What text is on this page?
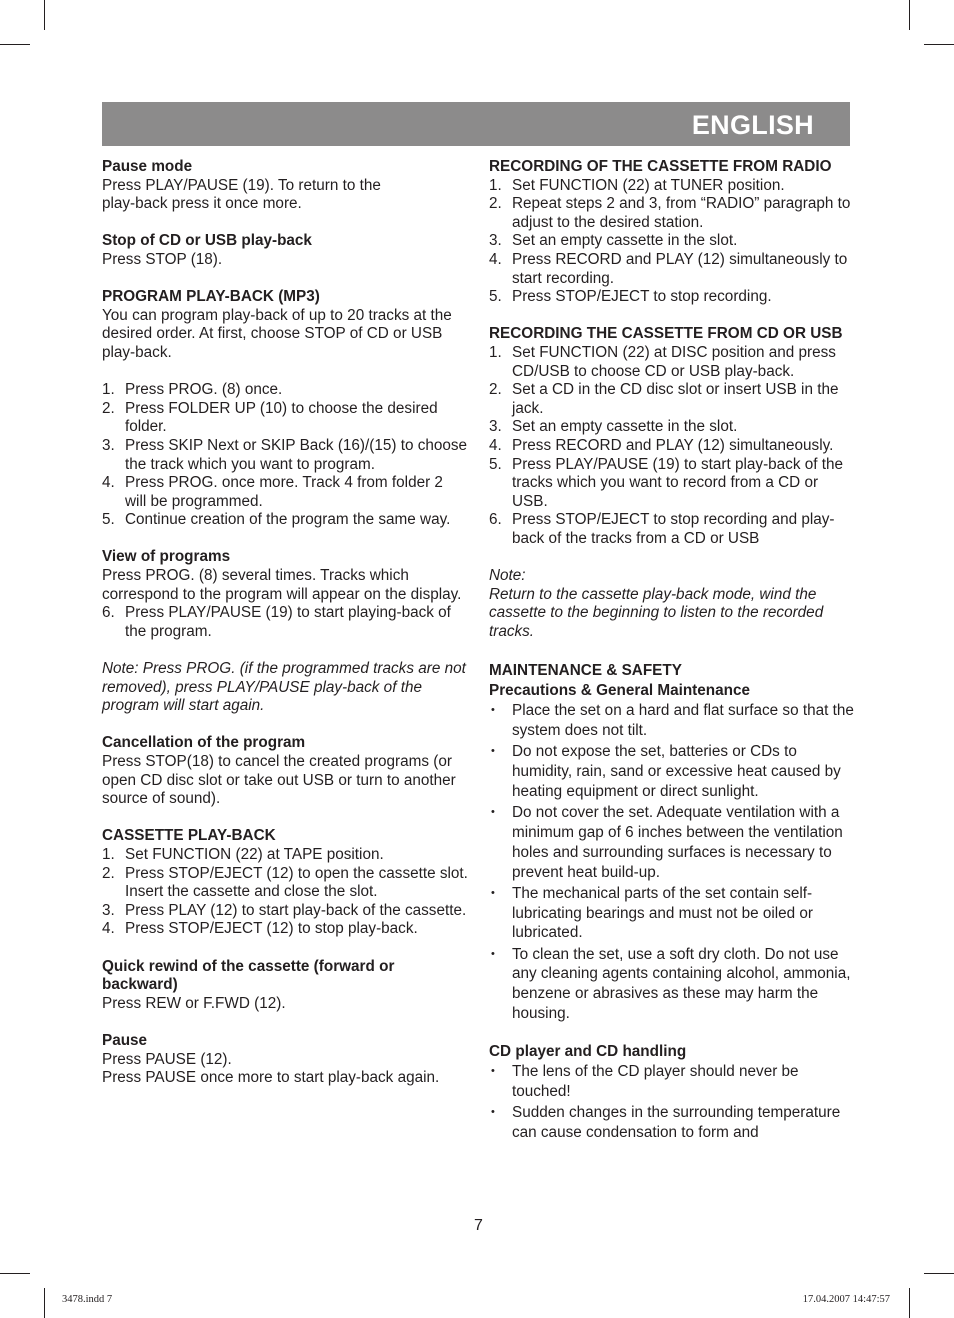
ENGLISH

Pause mode

Press PLAY/PAUSE (19). To return to the

play-back press it once more.

Stop of CD or USB play-back

Press STOP (18).

PROGRAM PLAY-BACK (MP3)

You can program play-back of up to 20 tracks at the desired order. At first, choose STOP of CD or USB play-back.

1. Press PROG. (8) once.
2. Press FOLDER UP (10) to choose the desired folder.
3. Press SKIP Next or SKIP Back (16)/(15) to choose the track which you want to program.
4. Press PROG. once more. Track 4 from folder 2 will be programmed.
5. Continue creation of the program the same way.

View of programs

Press PROG. (8) several times. Tracks which correspond to the program will appear on the display.

6. Press PLAY/PAUSE (19) to start playing-back of the program.

Note: Press PROG. (if the programmed tracks are not removed), press PLAY/PAUSE play-back of the program will start again.

Cancellation of the program

Press STOP(18) to cancel the created programs (or open CD disc slot or take out USB or turn to another source of sound).

CASSETTE PLAY-BACK

1. Set FUNCTION (22) at TAPE position.
2. Press STOP/EJECT (12) to open the cassette slot. Insert the cassette and close the slot.
3. Press PLAY (12) to start play-back of the cassette.
4. Press STOP/EJECT (12) to stop play-back.

Quick rewind of the cassette (forward or backward)

Press REW or F.FWD (12).

Pause

Press PAUSE (12).

Press PAUSE once more to start play-back again.

RECORDING OF THE CASSETTE FROM RADIO

1. Set FUNCTION (22) at TUNER position.
2. Repeat steps 2 and 3, from “RADIO” paragraph to adjust to the desired station.
3. Set an empty cassette in the slot.
4. Press RECORD and PLAY (12) simultaneously to start recording.
5. Press STOP/EJECT to stop recording.

RECORDING THE CASSETTE FROM CD OR USB

1. Set FUNCTION (22) at DISC position and press CD/USB to choose CD or USB play-back.
2. Set a CD in the CD disc slot or insert USB in the jack.
3. Set an empty cassette in the slot.
4. Press RECORD and PLAY (12) simultaneously.
5. Press PLAY/PAUSE (19) to start play-back of the tracks which you want to record from a CD or USB.
6. Press STOP/EJECT to stop recording and play-back of the tracks from a CD or USB

Note:

Return to the cassette play-back mode, wind the cassette to the beginning to listen to the recorded tracks.

MAINTENANCE & SAFETY

Precautions & General Maintenance

• Place the set on a hard and flat surface so that the system does not tilt.
• Do not expose the set, batteries or CDs to humidity, rain, sand or excessive heat caused by heating equipment or direct sunlight.
• Do not cover the set. Adequate ventilation with a minimum gap of 6 inches between the ventilation holes and surrounding surfaces is necessary to prevent heat build-up.
• The mechanical parts of the set contain self-lubricating bearings and must not be oiled or lubricated.
• To clean the set, use a soft dry cloth. Do not use any cleaning agents containing alcohol, ammonia, benzene or abrasives as these may harm the housing.

CD player and CD handling

• The lens of the CD player should never be touched!
• Sudden changes in the surrounding temperature can cause condensation to form and
7
3478.indd 7	17.04.2007 14:47:57
